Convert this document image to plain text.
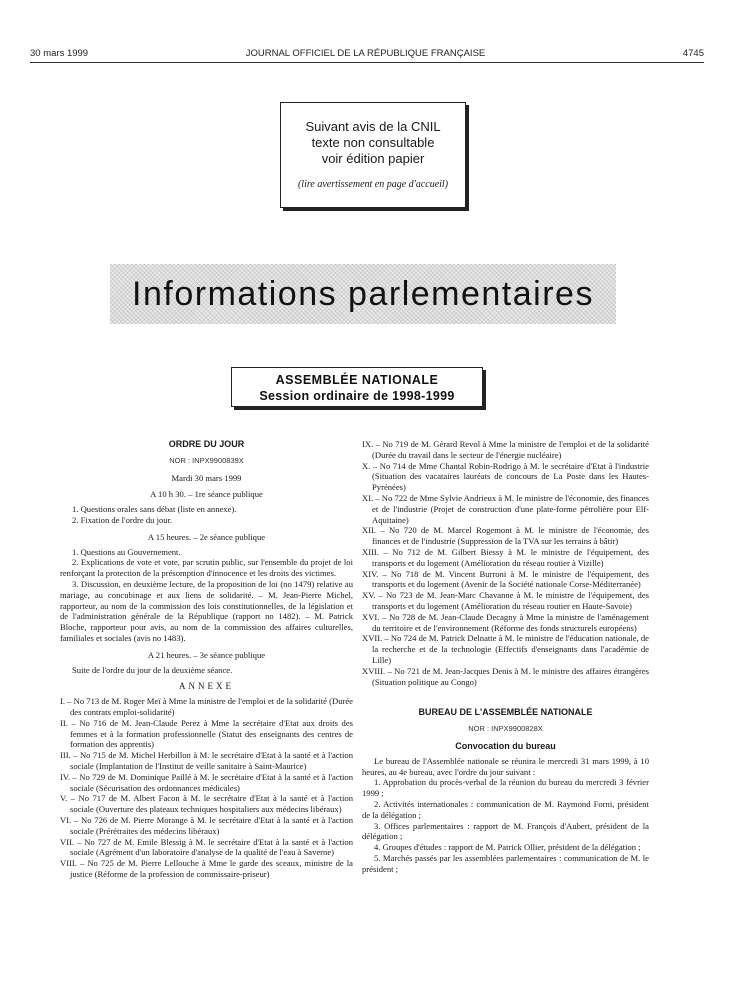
30 mars 1999	JOURNAL OFFICIEL DE LA RÉPUBLIQUE FRANÇAISE	4745
Suivant avis de la CNIL
texte non consultable
voir édition papier
(lire avertissement en page d'accueil)
Informations parlementaires
ASSEMBLÉE NATIONALE
Session ordinaire de 1998-1999

ORDRE DU JOUR

NOR : INPX9900839X

Mardi 30 mars 1999

A 10 h 30. – 1re séance publique

1. Questions orales sans débat (liste en annexe).

2. Fixation de l'ordre du jour.

A 15 heures. – 2e séance publique

1. Questions au Gouvernement.

2. Explications de vote et vote, par scrutin public, sur l'ensemble du projet de loi renforçant la protection de la présomption d'innocence et les droits des victimes.

3. Discussion, en deuxième lecture, de la proposition de loi (no 1479) relative au mariage, au concubinage et aux liens de solidarité. – M. Jean-Pierre Michel, rapporteur, au nom de la commission des lois constitutionnelles, de la législation et de l'administration générale de la République (rapport no 1482). – M. Patrick Bloche, rapporteur pour avis, au nom de la commission des affaires culturelles, familiales et sociales (avis no 1483).

A 21 heures. – 3e séance publique

Suite de l'ordre du jour de la deuxième séance.

ANNEXE

I. – No 713 de M. Roger Meï à Mme la ministre de l'emploi et de la solidarité (Durée des contrats emploi-solidarité)

II. – No 716 de M. Jean-Claude Perez à Mme la secrétaire d'Etat aux droits des femmes et à la formation professionnelle (Statut des enseignants des centres de formation des apprentis)

III. – No 715 de M. Michel Herbillon à M. le secrétaire d'Etat à la santé et à l'action sociale (Implantation de l'Institut de veille sanitaire à Saint-Maurice)

IV. – No 729 de M. Dominique Paillé à M. le secrétaire d'Etat à la santé et à l'action sociale (Sécurisation des ordonnances médicales)

V. – No 717 de M. Albert Facon à M. le secrétaire d'Etat à la santé et à l'action sociale (Ouverture des plateaux techniques hospitaliers aux médecins libéraux)

VI. – No 726 de M. Pierre Morange à M. le secrétaire d'Etat à la santé et à l'action sociale (Prérétraites des médecins libéraux)

VII. – No 727 de M. Emile Blessig à M. le secrétaire d'Etat à la santé et à l'action sociale (Agrément d'un laboratoire d'analyse de la qualité de l'eau à Saverne)

VIII. – No 725 de M. Pierre Lellouche à Mme le garde des sceaux, ministre de la justice (Réforme de la profession de commissaire-priseur)

IX. – No 719 de M. Gérard Revol à Mme la ministre de l'emploi et de la solidarité (Durée du travail dans le secteur de l'énergie nucléaire)

X. – No 714 de Mme Chantal Robin-Rodrigo à M. le secrétaire d'Etat à l'industrie (Situation des vacataires lauréats de concours de La Poste dans les Hautes-Pyrénées)

XI. – No 722 de Mme Sylvie Andrieux à M. le ministre de l'économie, des finances et de l'industrie (Projet de construction d'une plate-forme pétrolière pour Elf-Aquitaine)

XII. – No 720 de M. Marcel Rogemont à M. le ministre de l'économie, des finances et de l'industrie (Suppression de la TVA sur les terrains à bâtir)

XIII. – No 712 de M. Gilbert Biessy à M. le ministre de l'équipement, des transports et du logement (Amélioration du réseau routier à Vizille)

XIV. – No 718 de M. Vincent Burroni à M. le ministre de l'équipement, des transports et du logement (Avenir de la Société nationale Corse-Méditerranée)

XV. – No 723 de M. Jean-Marc Chavanne à M. le ministre de l'équipement, des transports et du logement (Amélioration du réseau routier en Haute-Savoie)

XVI. – No 728 de M. Jean-Claude Decagny à Mme la ministre de l'aménagement du territoire et de l'environnement (Réforme des fonds structurels européens)

XVII. – No 724 de M. Patrick Delnatte à M. le ministre de l'éducation nationale, de la recherche et de la technologie (Effectifs d'enseignants dans l'académie de Lille)

XVIII. – No 721 de M. Jean-Jacques Denis à M. le ministre des affaires étrangères (Situation politique au Congo)

BUREAU DE L'ASSEMBLÉE NATIONALE

NOR : INPX9900828X

Convocation du bureau

Le bureau de l'Assemblée nationale se réunira le mercredi 31 mars 1999, à 10 heures, au 4e bureau, avec l'ordre du jour suivant :

1. Approbation du procès-verbal de la réunion du bureau du mercredi 3 février 1999 ;

2. Activités internationales : communication de M. Raymond Forni, président de la délégation ;

3. Offices parlementaires : rapport de M. François d'Aubert, président de la délégation ;

4. Groupes d'études : rapport de M. Patrick Ollier, président de la délégation ;

5. Marchés passés par les assemblées parlementaires : communication de M. le président ;
